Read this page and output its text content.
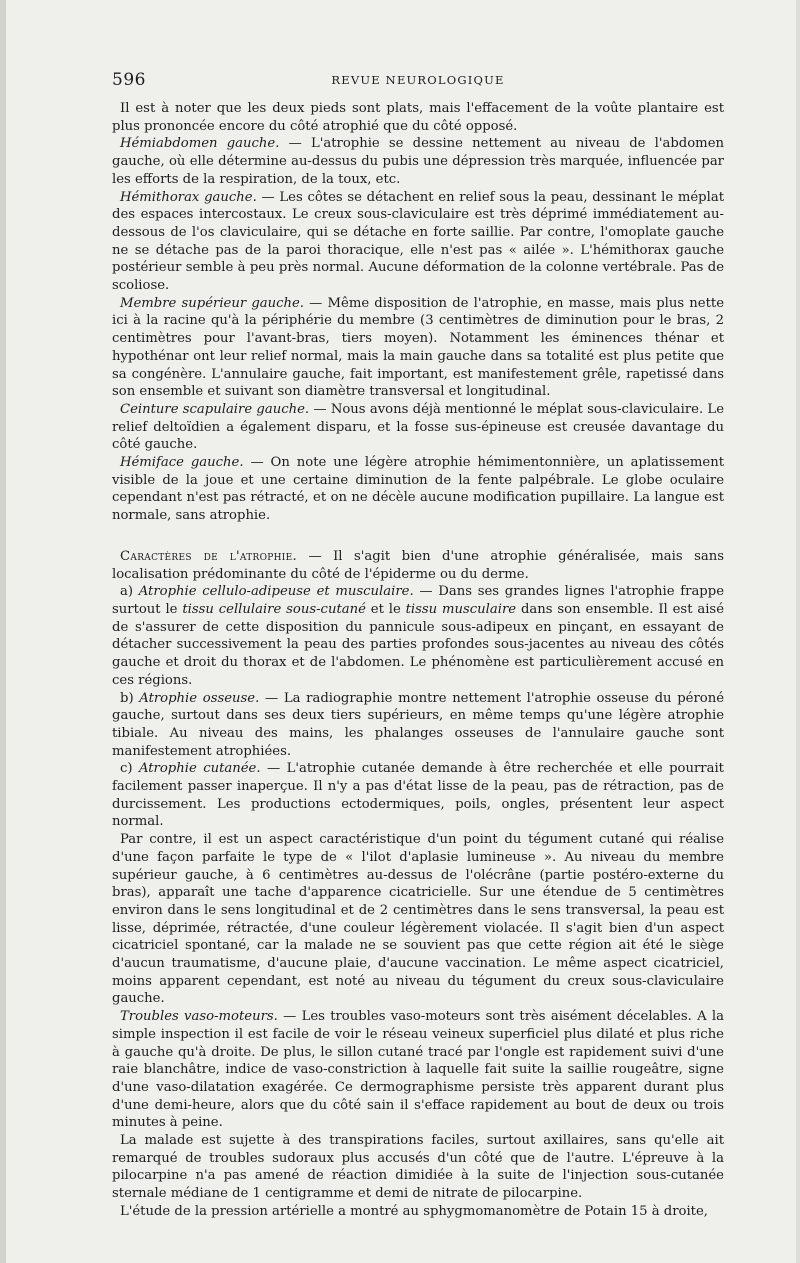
596	REVUE NEUROLOGIQUE

Il est à noter que les deux pieds sont plats, mais l'effacement de la voûte plantaire est plus prononcée encore du côté atrophié que du côté opposé.

Hémiabdomen gauche. — L'atrophie se dessine nettement au niveau de l'abdomen gauche, où elle détermine au-dessus du pubis une dépression très marquée, influencée par les efforts de la respiration, de la toux, etc.

Hémithorax gauche. — Les côtes se détachent en relief sous la peau, dessinant le méplat des espaces intercostaux. Le creux sous-claviculaire est très déprimé immédiatement au-dessous de l'os claviculaire, qui se détache en forte saillie. Par contre, l'omoplate gauche ne se détache pas de la paroi thoracique, elle n'est pas « ailée ». L'hémithorax gauche postérieur semble à peu près normal. Aucune déformation de la colonne vertébrale. Pas de scoliose.

Membre supérieur gauche. — Même disposition de l'atrophie, en masse, mais plus nette ici à la racine qu'à la périphérie du membre (3 centimètres de diminution pour le bras, 2 centimètres pour l'avant-bras, tiers moyen). Notamment les éminences thénar et hypothénar ont leur relief normal, mais la main gauche dans sa totalité est plus petite que sa congénère. L'annulaire gauche, fait important, est manifestement grêle, rapetissé dans son ensemble et suivant son diamètre transversal et longitudinal.

Ceinture scapulaire gauche. — Nous avons déjà mentionné le méplat sous-claviculaire. Le relief deltoïdien a également disparu, et la fosse sus-épineuse est creusée davantage du côté gauche.

Hémiface gauche. — On note une légère atrophie hémimentonnière, un aplatissement visible de la joue et une certaine diminution de la fente palpébrale. Le globe oculaire cependant n'est pas rétracté, et on ne décèle aucune modification pupillaire. La langue est normale, sans atrophie.

Caractères de l'atrophie. — Il s'agit bien d'une atrophie généralisée, mais sans localisation prédominante du côté de l'épiderme ou du derme.

a) Atrophie cellulo-adipeuse et musculaire. — Dans ses grandes lignes l'atrophie frappe surtout le tissu cellulaire sous-cutané et le tissu musculaire dans son ensemble. Il est aisé de s'assurer de cette disposition du pannicule sous-adipeux en pinçant, en essayant de détacher successivement la peau des parties profondes sous-jacentes au niveau des côtés gauche et droit du thorax et de l'abdomen. Le phénomène est particulièrement accusé en ces régions.

b) Atrophie osseuse. — La radiographie montre nettement l'atrophie osseuse du péroné gauche, surtout dans ses deux tiers supérieurs, en même temps qu'une légère atrophie tibiale. Au niveau des mains, les phalanges osseuses de l'annulaire gauche sont manifestement atrophiées.

c) Atrophie cutanée. — L'atrophie cutanée demande à être recherchée et elle pourrait facilement passer inaperçue. Il n'y a pas d'état lisse de la peau, pas de rétraction, pas de durcissement. Les productions ectodermiques, poils, ongles, présentent leur aspect normal.

Par contre, il est un aspect caractéristique d'un point du tégument cutané qui réalise d'une façon parfaite le type de « l'ilot d'aplasie lumineuse ». Au niveau du membre supérieur gauche, à 6 centimètres au-dessus de l'olécrâne (partie postéro-externe du bras), apparaît une tache d'apparence cicatricielle. Sur une étendue de 5 centimètres environ dans le sens longitudinal et de 2 centimètres dans le sens transversal, la peau est lisse, déprimée, rétractée, d'une couleur légèrement violacée. Il s'agit bien d'un aspect cicatriciel spontané, car la malade ne se souvient pas que cette région ait été le siège d'aucun traumatisme, d'aucune plaie, d'aucune vaccination. Le même aspect cicatriciel, moins apparent cependant, est noté au niveau du tégument du creux sous-claviculaire gauche.

Troubles vaso-moteurs. — Les troubles vaso-moteurs sont très aisément décelables. A la simple inspection il est facile de voir le réseau veineux superficiel plus dilaté et plus riche à gauche qu'à droite. De plus, le sillon cutané tracé par l'ongle est rapidement suivi d'une raie blanchâtre, indice de vaso-constriction à laquelle fait suite la saillie rougeâtre, signe d'une vaso-dilatation exagérée. Ce dermographisme persiste très apparent durant plus d'une demi-heure, alors que du côté sain il s'efface rapidement au bout de deux ou trois minutes à peine.

La malade est sujette à des transpirations faciles, surtout axillaires, sans qu'elle ait remarqué de troubles sudoraux plus accusés d'un côté que de l'autre. L'épreuve à la pilocarpine n'a pas amené de réaction dimidiée à la suite de l'injection sous-cutanée sternale médiane de 1 centigramme et demi de nitrate de pilocarpine.

L'étude de la pression artérielle a montré au sphygmomanomètre de Potain 15 à droite,
